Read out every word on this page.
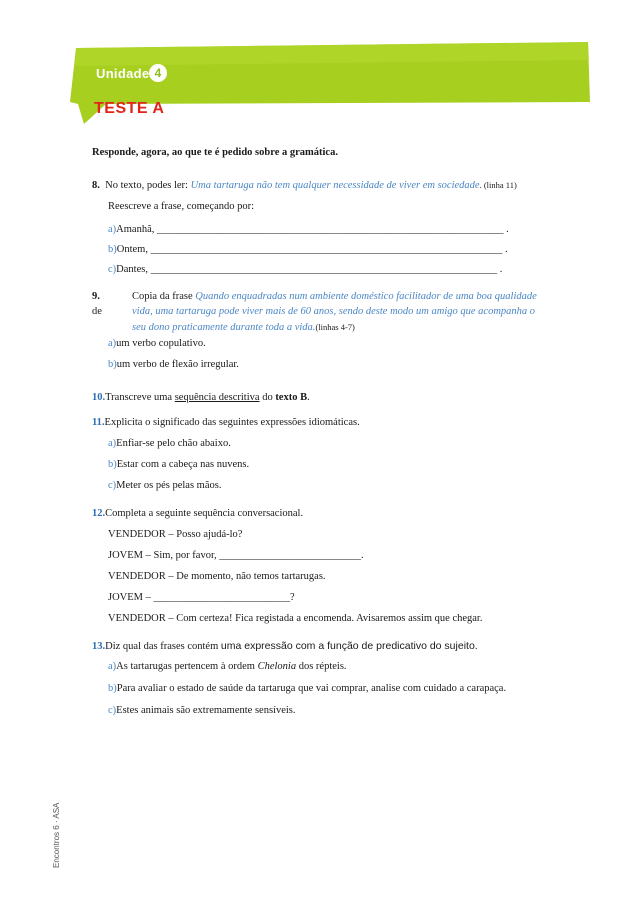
Unidade 4
TESTE A
Responde, agora, ao que te é pedido sobre a gramática.
8. No texto, podes ler: Uma tartaruga não tem qualquer necessidade de viver em sociedade. (linha 11)
Reescreve a frase, começando por:
a)Amanhã, __________________________________________________________________ .
b)Ontem, ___________________________________________________________________ .
c)Dantes, __________________________________________________________________ .
9.
de
Copia da frase Quando enquadradas num ambiente doméstico facilitador de uma boa qualidade
vida, uma tartaruga pode viver mais de 60 anos, sendo deste modo um amigo que acompanha o
seu dono praticamente durante toda a vida.(linhas 4-7)
a)um verbo copulativo.
b)um verbo de flexão irregular.
10.Transcreve uma sequência descritiva do texto B.
11.Explicita o significado das seguintes expressões idiomáticas.
a)Enfiar-se pelo chão abaixo.
b)Estar com a cabeça nas nuvens.
c)Meter os pés pelas mãos.
12.Completa a seguinte sequência conversacional.
VENDEDOR – Posso ajudá-lo?
JOVEM – Sim, por favor, ___________________________.
VENDEDOR – De momento, não temos tartarugas.
JOVEM – __________________________?
VENDEDOR – Com certeza! Fica registada a encomenda. Avisaremos assim que chegar.
13.Diz qual das frases contém uma expressão com a função de predicativo do sujeito.
a)As tartarugas pertencem à ordem Chelonia dos répteis.
b)Para avaliar o estado de saúde da tartaruga que vai comprar, analise com cuidado a carapaça.
c)Estes animais são extremamente sensíveis.
Encontros 6 · ASA
